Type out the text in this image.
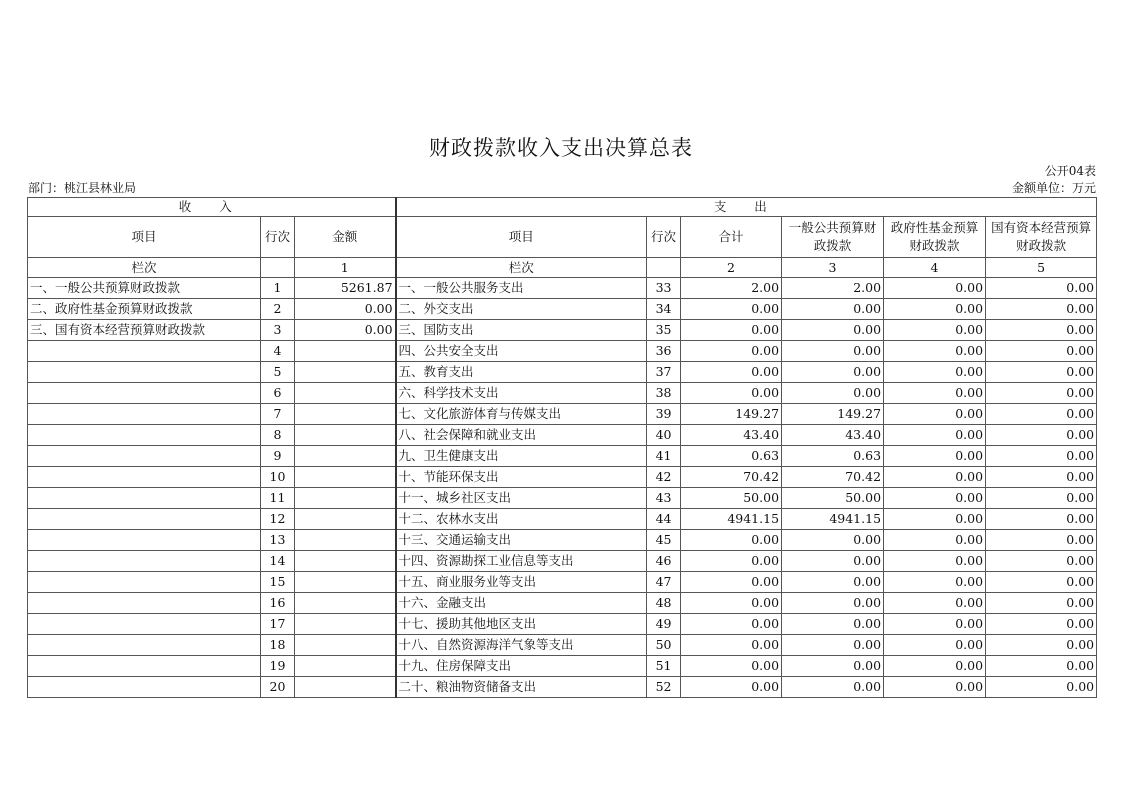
财政拨款收入支出决算总表
公开04表
部门：桃江县林业局	金额单位：万元
收 入			支 出					
项目	行次	金额	项目	行次	合计	一般公共预算财政拨款	政府性基金预算财政拨款	国有资本经营预算财政拨款
栏次		1	栏次		2	3	4	5
一、一般公共预算财政拨款	1	5261.87	一、一般公共服务支出	33	2.00	2.00	0.00	0.00
二、政府性基金预算财政拨款	2	0.00	二、外交支出	34	0.00	0.00	0.00	0.00
三、国有资本经营预算财政拨款	3	0.00	三、国防支出	35	0.00	0.00	0.00	0.00
	4		四、公共安全支出	36	0.00	0.00	0.00	0.00
	5		五、教育支出	37	0.00	0.00	0.00	0.00
	6		六、科学技术支出	38	0.00	0.00	0.00	0.00
	7		七、文化旅游体育与传媒支出	39	149.27	149.27	0.00	0.00
	8		八、社会保障和就业支出	40	43.40	43.40	0.00	0.00
	9		九、卫生健康支出	41	0.63	0.63	0.00	0.00
	10		十、节能环保支出	42	70.42	70.42	0.00	0.00
	11		十一、城乡社区支出	43	50.00	50.00	0.00	0.00
	12		十二、农林水支出	44	4941.15	4941.15	0.00	0.00
	13		十三、交通运输支出	45	0.00	0.00	0.00	0.00
	14		十四、资源勘探工业信息等支出	46	0.00	0.00	0.00	0.00
	15		十五、商业服务业等支出	47	0.00	0.00	0.00	0.00
	16		十六、金融支出	48	0.00	0.00	0.00	0.00
	17		十七、援助其他地区支出	49	0.00	0.00	0.00	0.00
	18		十八、自然资源海洋气象等支出	50	0.00	0.00	0.00	0.00
	19		十九、住房保障支出	51	0.00	0.00	0.00	0.00
	20		二十、粮油物资储备支出	52	0.00	0.00	0.00	0.00
